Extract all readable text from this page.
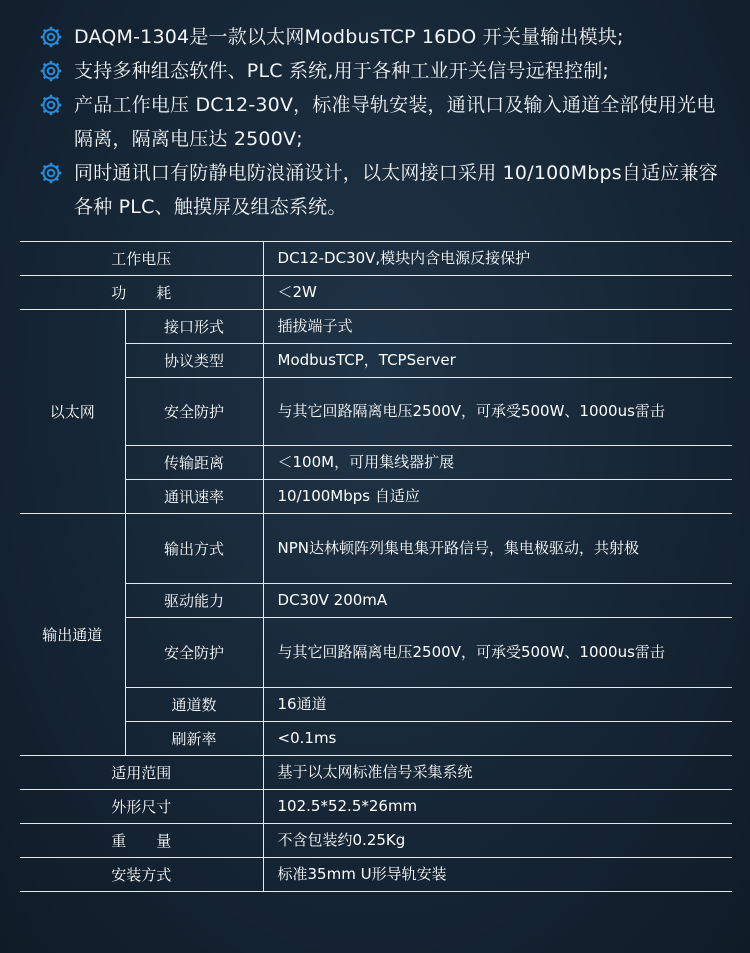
DAQM-1304是一款以太网ModbusTCP 16DO 开关量输出模块;
支持多种组态软件、PLC 系统,用于各种工业开关信号远程控制;
产品工作电压 DC12-30V，标准导轨安装，通讯口及输入通道全部使用光电隔离，隔离电压达 2500V;
同时通讯口有防静电防浪涌设计，以太网接口采用 10/100Mbps自适应兼容各种 PLC、触摸屏及组态系统。
工作电压		DC12-DC30V,模块内含电源反接保护
功　　耗		＜2W
以太网	接口形式	插拔端子式
	协议类型	ModbusTCP，TCPServer
	安全防护	与其它回路隔离电压2500V，可承受500W、1000us雷击
	传输距离	＜100M，可用集线器扩展
	通讯速率	10/100Mbps 自适应
输出通道	输出方式	NPN达林顿阵列集电集开路信号，集电极驱动，共射极
	驱动能力	DC30V 200mA
	安全防护	与其它回路隔离电压2500V，可承受500W、1000us雷击
	通道数	16通道
	刷新率	<0.1ms
适用范围		基于以太网标准信号采集系统
外形尺寸		102.5*52.5*26mm
重　　量		不含包装约0.25Kg
安装方式		标准35mm U形导轨安装
